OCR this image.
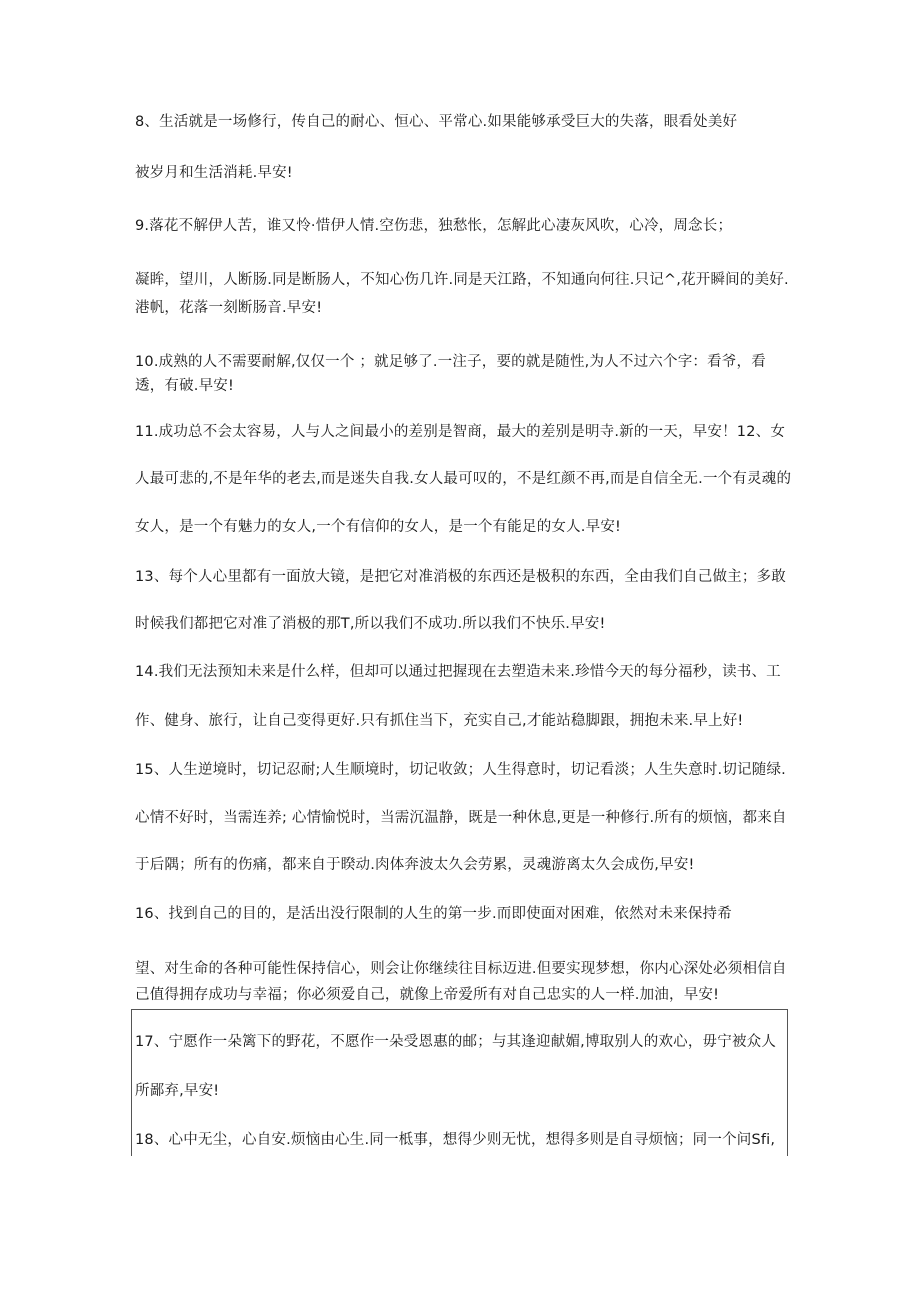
8、生活就是一场修行，传自己的耐心、恒心、平常心.如果能够承受巨大的失落，眼看处美好
被岁月和生活消耗.早安!
9.落花不解伊人苦，谁又怜·惜伊人情.空伤悲，独愁怅，怎解此心凄灰风吹，心冷，周念长；
凝眸，望川，人断肠.同是断肠人，不知心伤几许.同是天江路，不知通向何往.只记^,花开瞬间的美好.
港帆，花落一刻断肠音.早安!
10.成熟的人不需要耐解,仅仅一个 ；就足够了.一注子，要的就是随性,为人不过六个字：看爷，看
透，有破.早安!
11.成功总不会太容易，人与人之间最小的差别是智商，最大的差别是明寺.新的一天，早安！12、女
人最可悲的,不是年华的老去,而是迷失自我.女人最可叹的，不是红颜不再,而是自信全无.一个有灵魂的
女人，是一个有魅力的女人,一个有信仰的女人，是一个有能足的女人.早安!
13、每个人心里都有一面放大镜，是把它对准消极的东西还是极积的东西，全由我们自己做主；多敢
时候我们都把它对准了消极的那T,所以我们不成功.所以我们不快乐.早安!
14.我们无法预知未来是什么样，但却可以通过把握现在去塑造未来.珍惜今天的每分福秒，读书、工
作、健身、旅行，让自己变得更好.只有抓住当下，充实自己,才能站稳脚跟，拥抱未来.早上好!
15、人生逆境时，切记忍耐;人生顺境时，切记收敛；人生得意时，切记看淡；人生失意时.切记随绿.
心情不好时，当需连养; 心情愉悦时，当需沉温静，既是一种休息,更是一种修行.所有的烦恼，都来自
于后隅；所有的伤痛，都来自于睽动.肉体奔波太久会劳累，灵魂游离太久会成伤,早安!
16、找到自己的目的，是活出没行限制的人生的第一步.而即使面对困难，依然对未来保持希
望、对生命的各种可能性保持信心，则会让你继续往目标迈进.但要实现梦想，你内心深处必须相信自
己值得拥存成功与幸福；你必须爱自己，就像上帝爱所有对自己忠实的人一样.加油，早安!
17、宁愿作一朵篱下的野花，不愿作一朵受恩惠的邮；与其逢迎献媚,博取别人的欢心，毋宁被众人
所鄙弃,早安!
18、心中无尘，心自安.烦恼由心生.同一柢事，想得少则无忧，想得多则是自寻烦恼；同一个问Sfi,
